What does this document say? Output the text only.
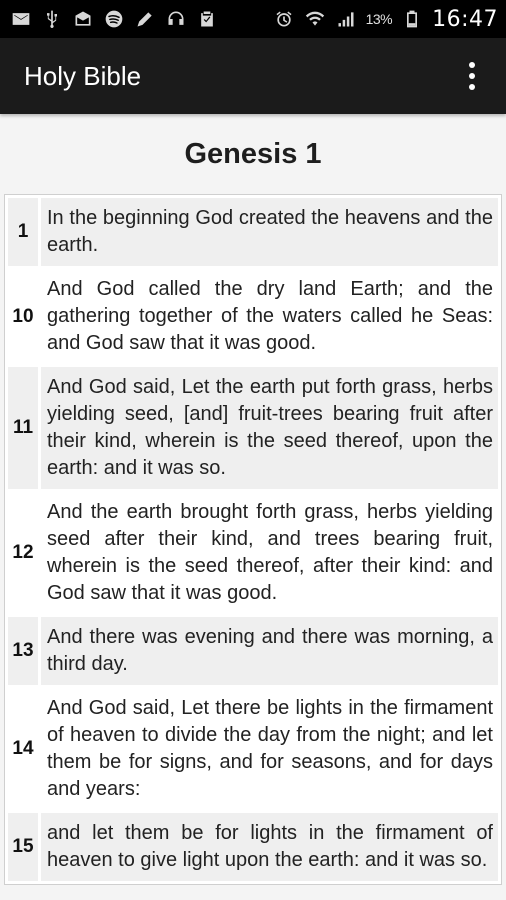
13% 16:47
Holy Bible
Genesis 1
1	In the beginning God created the heavens and the earth.
10	And God called the dry land Earth; and the gathering together of the waters called he Seas: and God saw that it was good.
11	And God said, Let the earth put forth grass, herbs yielding seed, [and] fruit-trees bearing fruit after their kind, wherein is the seed thereof, upon the earth: and it was so.
12	And the earth brought forth grass, herbs yielding seed after their kind, and trees bearing fruit, wherein is the seed thereof, after their kind: and God saw that it was good.
13	And there was evening and there was morning, a third day.
14	And God said, Let there be lights in the firmament of heaven to divide the day from the night; and let them be for signs, and for seasons, and for days and years:
15	and let them be for lights in the firmament of heaven to give light upon the earth: and it was so.
